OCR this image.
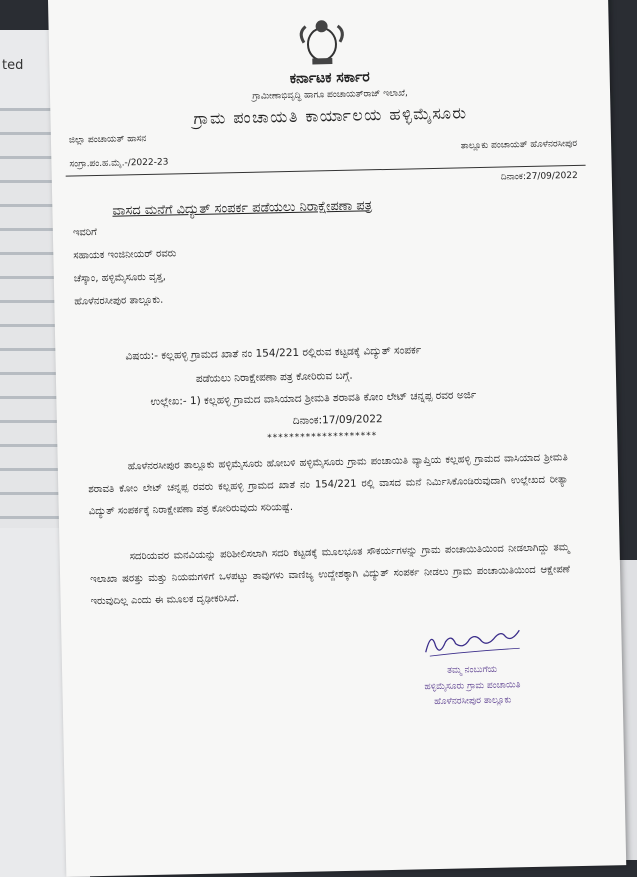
ted
ಕರ್ನಾಟಕ ಸರ್ಕಾರ
ಗ್ರಾಮೀಣಾಭಿವೃದ್ಧಿ ಹಾಗೂ ಪಂಚಾಯತ್‌ರಾಜ್ ಇಲಾಖೆ,
ಗ್ರಾಮ ಪಂಚಾಯತಿ ಕಾರ್ಯಾಲಯ ಹಳ್ಳಿಮೈಸೂರು
ಜಿಲ್ಲಾ ಪಂಚಾಯತ್ ಹಾಸನ	ತಾಲ್ಲೂಕು ಪಂಚಾಯತ್ ಹೊಳೆನರಸೀಪುರ
ಸಂಗ್ರಾ.ಪಂ.ಹ.ಮೈ.-/2022-23
ದಿನಾಂಕ:27/09/2022
ವಾಸದ ಮನೆಗೆ ವಿದ್ಯುತ್ ಸಂಪರ್ಕ ಪಡೆಯಲು ನಿರಾಕ್ಷೇಪಣಾ ಪತ್ರ
ಇವರಿಗೆ
ಸಹಾಯಕ ಇಂಜಿನೀಯರ್ ರವರು
ಚೆಸ್ಕಾಂ, ಹಳ್ಳಿಮೈಸೂರು ವೃತ್ತ,
ಹೊಳೆನರಸೀಪುರ ತಾಲ್ಲೂಕು.
ವಿಷಯ:- ಕಲ್ಲಹಳ್ಳಿ ಗ್ರಾಮದ ಖಾತೆ ನಂ 154/221 ರಲ್ಲಿರುವ ಕಟ್ಟಡಕ್ಕೆ ವಿದ್ಯುತ್ ಸಂಪರ್ಕ
ಪಡೆಯಲು ನಿರಾಕ್ಷೇಪಣಾ ಪತ್ರ ಕೋರಿರುವ ಬಗ್ಗೆ.
ಉಲ್ಲೇಖ:- 1) ಕಲ್ಲಹಳ್ಳಿ ಗ್ರಾಮದ ವಾಸಿಯಾದ ಶ್ರೀಮತಿ ಶರಾವತಿ ಕೋಂ ಲೇಟ್ ಚನ್ನಪ್ಪ ರವರ ಅರ್ಜಿ
ದಿನಾಂಕ:17/09/2022
********************

ಹೊಳೆನರಸೀಪುರ ತಾಲ್ಲೂಕು ಹಳ್ಳಿಮೈಸೂರು ಹೋಬಳಿ ಹಳ್ಳಿಮೈಸೂರು ಗ್ರಾಮ ಪಂಚಾಯಿತಿ ವ್ಯಾಪ್ತಿಯ ಕಲ್ಲಹಳ್ಳಿ ಗ್ರಾಮದ ವಾಸಿಯಾದ ಶ್ರೀಮತಿ ಶರಾವತಿ ಕೋಂ ಲೇಟ್ ಚನ್ನಪ್ಪ ರವರು ಕಲ್ಲಹಳ್ಳಿ ಗ್ರಾಮದ ಖಾತೆ ನಂ 154/221 ರಲ್ಲಿ ವಾಸದ ಮನೆ ನಿರ್ಮಿಸಿಕೊಂಡಿರುವುದಾಗಿ ಉಲ್ಲೇಖದ ರೀತ್ಯಾ ವಿದ್ಯುತ್ ಸಂಪರ್ಕಕ್ಕೆ ನಿರಾಕ್ಷೇಪಣಾ ಪತ್ರ ಕೋರಿರುವುದು ಸರಿಯಷ್ಟೆ.

ಸದರಿಯವರ ಮನವಿಯನ್ನು ಪರಿಶೀಲಿಸಲಾಗಿ ಸದರಿ ಕಟ್ಟಡಕ್ಕೆ ಮೂಲಭೂತ ಸೌಕರ್ಯಗಳನ್ನು ಗ್ರಾಮ ಪಂಚಾಯಿತಿಯಿಂದ ನೀಡಲಾಗಿದ್ದು ತಮ್ಮ ಇಲಾಖಾ ಷರತ್ತು ಮತ್ತು ನಿಯಮಗಳಿಗೆ ಒಳಪಟ್ಟು ತಾವುಗಳು ವಾಣಿಜ್ಯ ಉದ್ದೇಶಕ್ಕಾಗಿ ವಿದ್ಯುತ್ ಸಂಪರ್ಕ ನೀಡಲು ಗ್ರಾಮ ಪಂಚಾಯಿತಿಯಿಂದ ಆಕ್ಷೇಪಣೆ ಇರುವುದಿಲ್ಲ ಎಂದು ಈ ಮೂಲಕ ದೃಢೀಕರಿಸಿದೆ.

ತಮ್ಮ ನಂಬುಗೆಯ
ಹಳ್ಳಿಮೈಸೂರು ಗ್ರಾಮ ಪಂಚಾಯಿತಿ
ಹೊಳೆನರಸೀಪುರ ತಾಲ್ಲೂಕು
